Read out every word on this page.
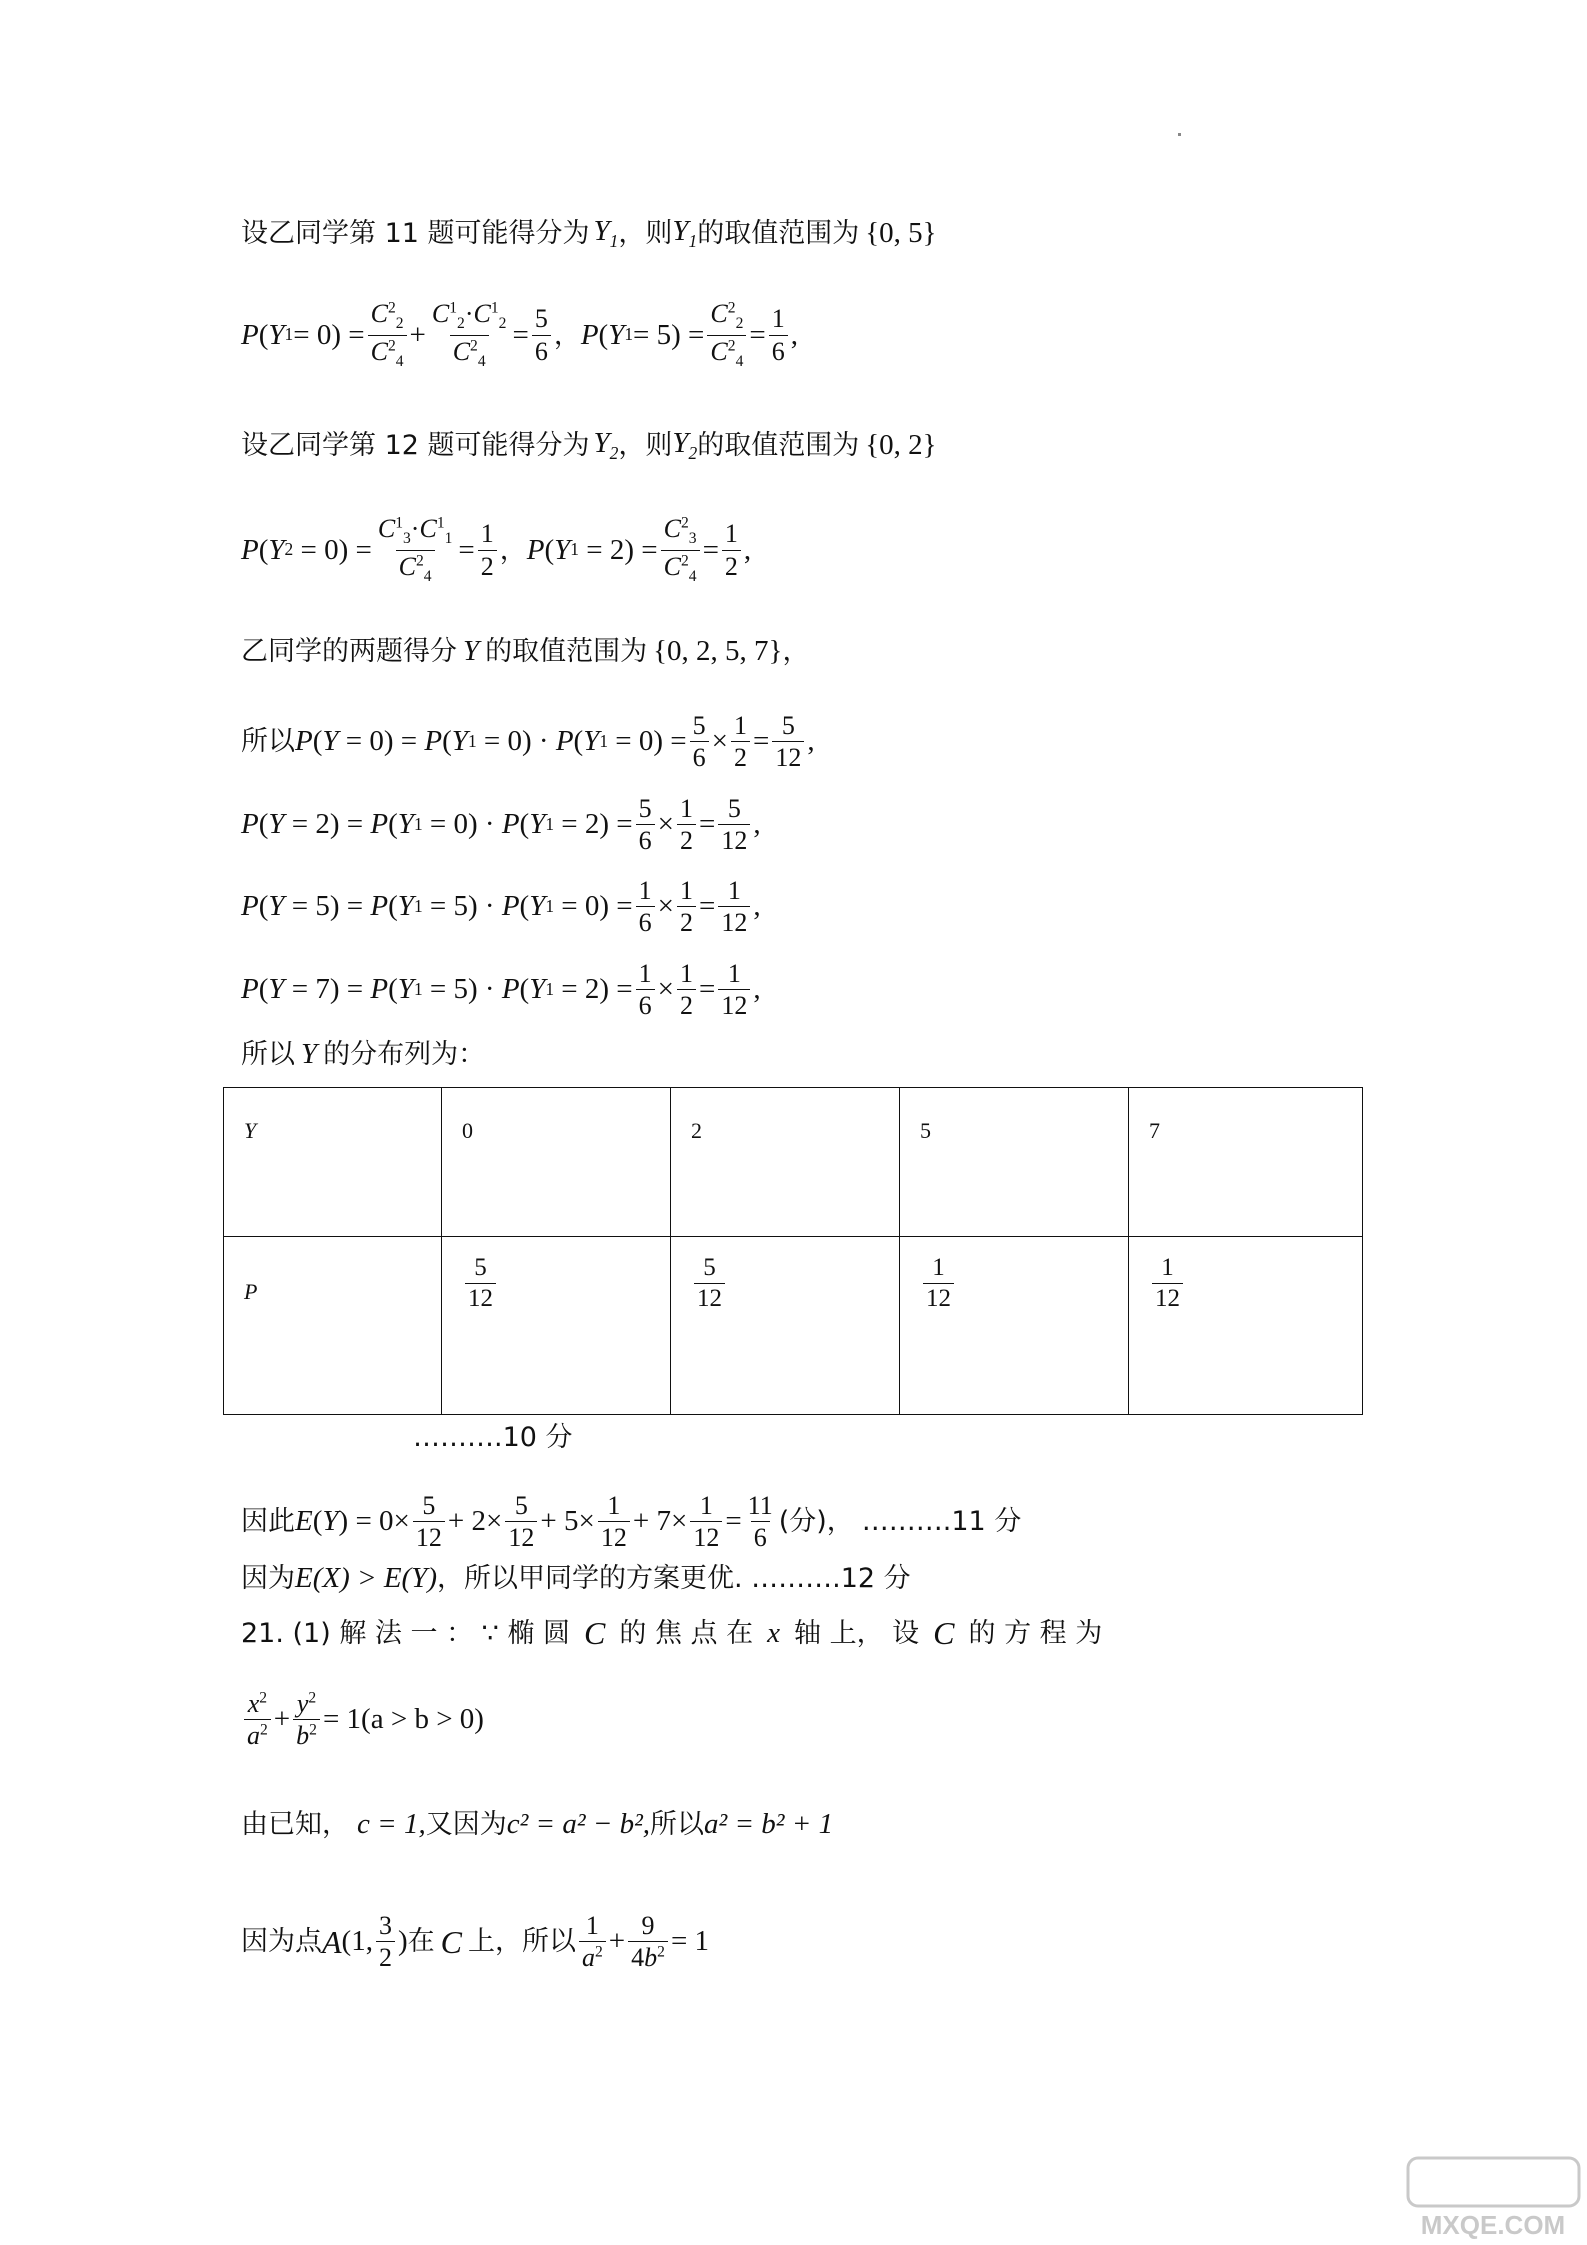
设乙同学第 11 题可能得分为 $Y_1$ ，则 $Y_1$ 的取值范围为 {0, 5}
P ( Y $1 = 0) = \frac{C^2_2}{C^2_4} + \frac{C^1_2\cdot C^1_2}{C^2_4} = \frac{5}{6}$ ， P ( Y $1 = 5) = \frac{C^2_2}{C^2_4} = \frac{1}{6}$ ,
设乙同学第 12 题可能得分为 $Y_2$ ，则 $Y_2$ 的取值范围为 {0, 2}
P ( Y $2 = 0) = \frac{C^1_3\cdot C^1_1}{C^2_4} = \frac{1}{2}$ ， P ( Y $1 = 2) = \frac{C^2_3}{C^2_4} = \frac{1}{2}$ ,
乙同学的两题得分 Y 的取值范围为 {0, 2, 5, 7} ，
所以 P ( Y = 0) = P ( Y 1 = 0) · P ( Y $1 = 0) = \frac{5}{6} \times \frac{1}{2} = \frac{5}{12}$ ,
P ( Y = 2) = P ( Y 1 = 0) · P ( Y $1 = 2) = \frac{5}{6} \times \frac{1}{2} = \frac{5}{12}$ ,
P ( Y = 5) = P ( Y 1 = 5) · P ( Y $1 = 0) = \frac{1}{6} \times \frac{1}{2} = \frac{1}{12}$ ,
P ( Y = 7) = P ( Y 1 = 5) · P ( Y $1 = 2) = \frac{1}{6} \times \frac{1}{2} = \frac{1}{12}$ ,
所以 Y 的分布列为：
Y	0	2	5	7
P	$\frac{5}{12}$	$\frac{5}{12}$	$\frac{1}{12}$	$\frac{1}{12}$
……….10 分
因此 E ( Y ) = $0\times \frac{5}{12} + 2\times \frac{5}{12} + 5\times \frac{1}{12} + 7\times \frac{1}{12} = \frac{11}{6}$ (分)， ……….11 分
因为 E(X) > E(Y) ，所以甲同学的方案更优. ……….12 分
21. (1) 解 法 一 ： ∵ 椭 圆 C 的 焦 点 在 x 轴 上， 设 C 的 方 程 为
$\frac{x^2}{a^2} + \frac{y^2}{b^2} = 1(a > b > 0)$
由已知， c = 1, 又因为 c² = a² − b², 所以 a² = b² + 1
因为点 A (1, $\frac{3}{2}$ ) 在 C 上，所以 $\frac{1}{a^2} + \frac{9}{4b^2} = 1$
MXQE.COM
